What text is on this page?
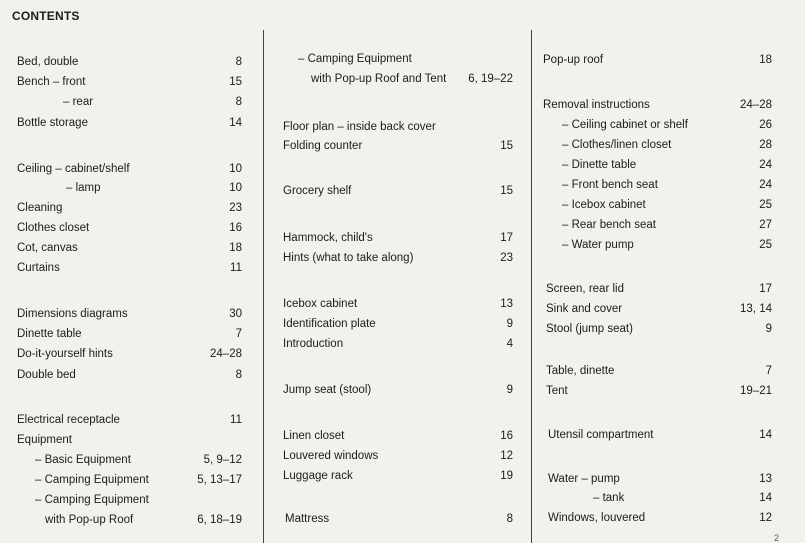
CONTENTS
Bed, double	8
Bench – front	15
– rear	8
Bottle storage	14
Ceiling – cabinet/shelf	10
– lamp	10
Cleaning	23
Clothes closet	16
Cot, canvas	18
Curtains	11
Dimensions diagrams	30
Dinette table	7
Do-it-yourself hints	24–28
Double bed	8
Electrical receptacle	11
Equipment
– Basic Equipment	5, 9–12
– Camping Equipment	5, 13–17
– Camping Equipment
with Pop-up Roof	6, 18–19
– Camping Equipment
with Pop-up Roof and Tent 6, 19–22
Floor plan – inside back cover
Folding counter	15
Grocery shelf	15
Hammock, child's	17
Hints (what to take along)	23
Icebox cabinet	13
Identification plate	9
Introduction	4
Jump seat (stool)	9
Linen closet	16
Louvered windows	12
Luggage rack	19
Mattress	8
Pop-up roof	18
Removal instructions	24–28
– Ceiling cabinet or shelf	26
– Clothes/linen closet	28
– Dinette table	24
– Front bench seat	24
– Icebox cabinet	25
– Rear bench seat	27
– Water pump	25
Screen, rear lid	17
Sink and cover	13, 14
Stool (jump seat)	9
Table, dinette	7
Tent	19–21
Utensil compartment	14
Water – pump	13
– tank	14
Windows, louvered	12
2
